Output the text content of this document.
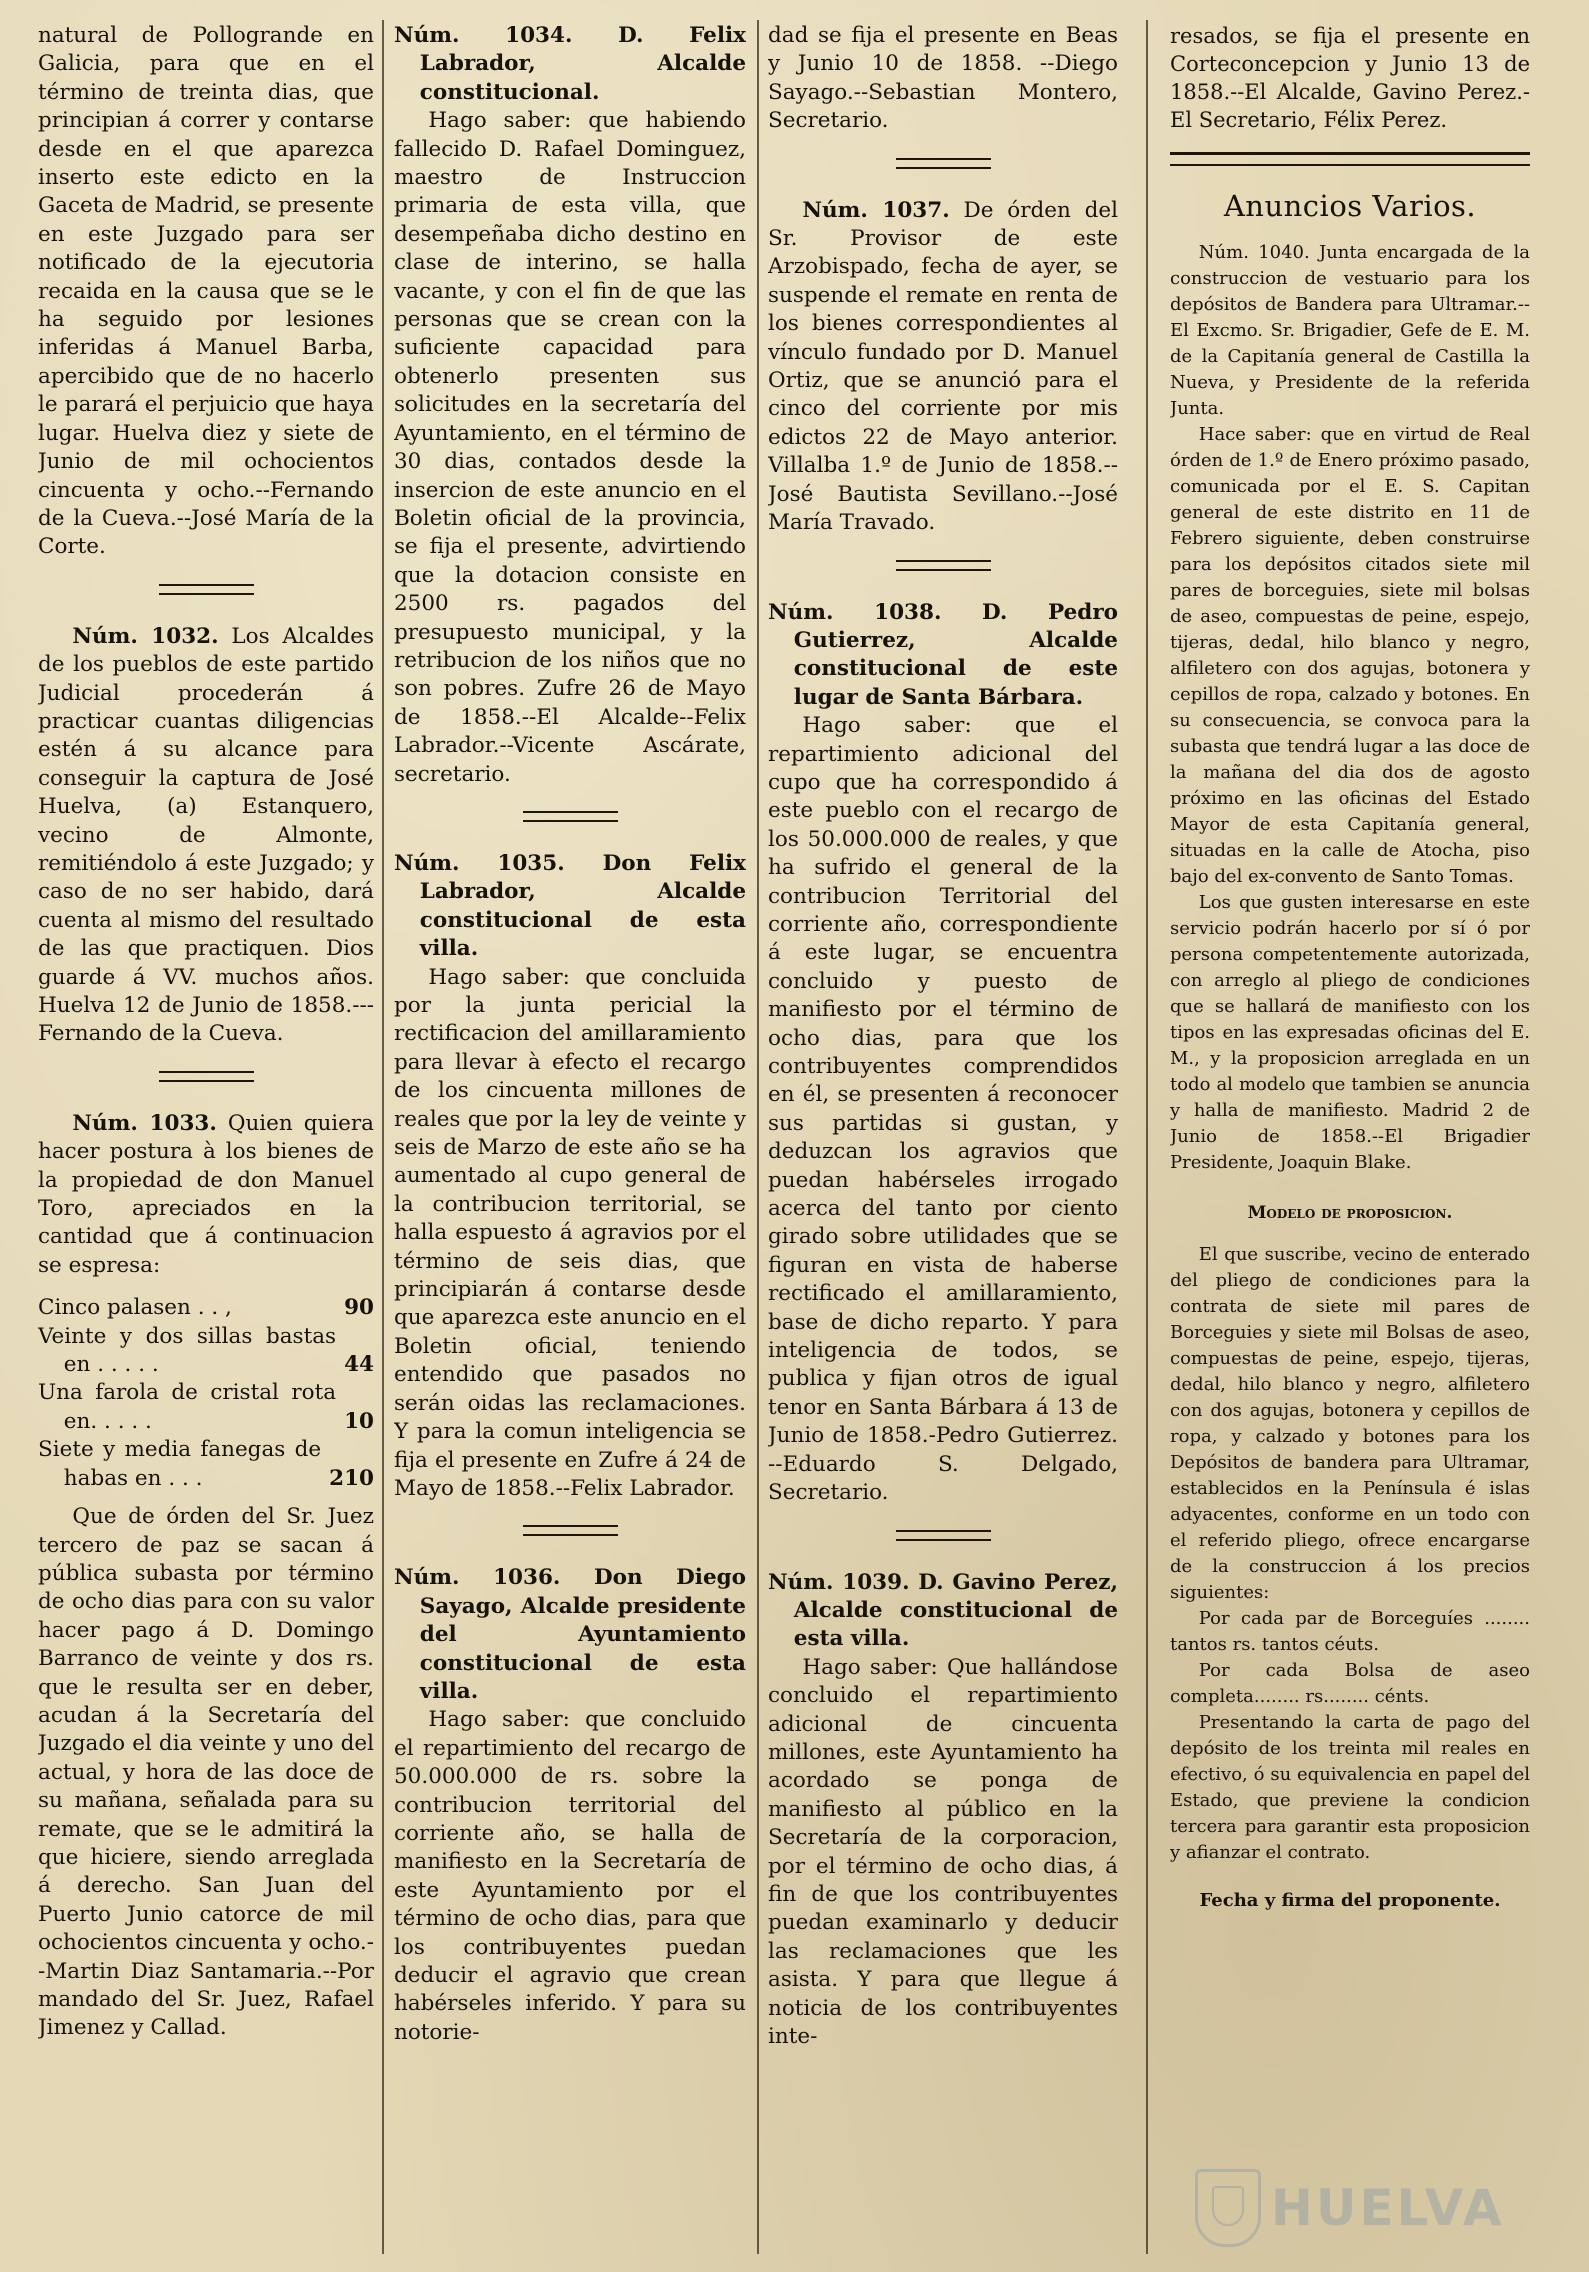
natural de Pollogrande en Galicia, para que en el término de treinta dias, que principian á correr y contarse desde en el que aparezca inserto este edicto en la Gaceta de Madrid, se presente en este Juzgado para ser notificado de la ejecutoria recaida en la causa que se le ha seguido por lesiones inferidas á Manuel Barba, apercibido que de no hacerlo le parará el perjuicio que haya lugar. Huelva diez y siete de Junio de mil ochocientos cincuenta y ocho.--Fernando de la Cueva.--José María de la Corte.

Núm. 1032. Los Alcaldes de los pueblos de este partido Judicial procederán á practicar cuantas diligencias estén á su alcance para conseguir la captura de José Huelva, (a) Estanquero, vecino de Almonte, remitiéndolo á este Juzgado; y caso de no ser habido, dará cuenta al mismo del resultado de las que practiquen. Dios guarde á VV. muchos años. Huelva 12 de Junio de 1858.---Fernando de la Cueva.

Núm. 1033. Quien quiera hacer postura à los bienes de la propiedad de don Manuel Toro, apreciados en la cantidad que á continuacion se espresa:

Cinco palasen . . ,	90
Veinte y dos sillas bastas en . . . . .	44
Una farola de cristal rota en. . . . .	10
Siete y media fanegas de habas en . . .	210

Que de órden del Sr. Juez tercero de paz se sacan á pública subasta por término de ocho dias para con su valor hacer pago á D. Domingo Barranco de veinte y dos rs. que le resulta ser en deber, acudan á la Secretaría del Juzgado el dia veinte y uno del actual, y hora de las doce de su mañana, señalada para su remate, que se le admitirá la que hiciere, siendo arreglada á derecho. San Juan del Puerto Junio catorce de mil ochocientos cincuenta y ocho.--Martin Diaz Santamaria.--Por mandado del Sr. Juez, Rafael Jimenez y Callad.

Núm. 1034. D. Felix Labrador, Alcalde constitucional.

Hago saber: que habiendo fallecido D. Rafael Dominguez, maestro de Instruccion primaria de esta villa, que desempeñaba dicho destino en clase de interino, se halla vacante, y con el fin de que las personas que se crean con la suficiente capacidad para obtenerlo presenten sus solicitudes en la secretaría del Ayuntamiento, en el término de 30 dias, contados desde la insercion de este anuncio en el Boletin oficial de la provincia, se fija el presente, advirtiendo que la dotacion consiste en 2500 rs. pagados del presupuesto municipal, y la retribucion de los niños que no son pobres. Zufre 26 de Mayo de 1858.--El Alcalde--Felix Labrador.--Vicente Ascárate, secretario.

Núm. 1035. Don Felix Labrador, Alcalde constitucional de esta villa.

Hago saber: que concluida por la junta pericial la rectificacion del amillaramiento para llevar à efecto el recargo de los cincuenta millones de reales que por la ley de veinte y seis de Marzo de este año se ha aumentado al cupo general de la contribucion territorial, se halla espuesto á agravios por el término de seis dias, que principiarán á contarse desde que aparezca este anuncio en el Boletin oficial, teniendo entendido que pasados no serán oidas las reclamaciones. Y para la comun inteligencia se fija el presente en Zufre á 24 de Mayo de 1858.--Felix Labrador.

Núm. 1036. Don Diego Sayago, Alcalde presidente del Ayuntamiento constitucional de esta villa.

Hago saber: que concluido el repartimiento del recargo de 50.000.000 de rs. sobre la contribucion territorial del corriente año, se halla de manifiesto en la Secretaría de este Ayuntamiento por el término de ocho dias, para que los contribuyentes puedan deducir el agravio que crean habérseles inferido. Y para su notorie-

dad se fija el presente en Beas y Junio 10 de 1858. --Diego Sayago.--Sebastian Montero, Secretario.

Núm. 1037. De órden del Sr. Provisor de este Arzobispado, fecha de ayer, se suspende el remate en renta de los bienes correspondientes al vínculo fundado por D. Manuel Ortiz, que se anunció para el cinco del corriente por mis edictos 22 de Mayo anterior. Villalba 1.º de Junio de 1858.--José Bautista Sevillano.--José María Travado.

Núm. 1038. D. Pedro Gutierrez, Alcalde constitucional de este lugar de Santa Bárbara.

Hago saber: que el repartimiento adicional del cupo que ha correspondido á este pueblo con el recargo de los 50.000.000 de reales, y que ha sufrido el general de la contribucion Territorial del corriente año, correspondiente á este lugar, se encuentra concluido y puesto de manifiesto por el término de ocho dias, para que los contribuyentes comprendidos en él, se presenten á reconocer sus partidas si gustan, y deduzcan los agravios que puedan habérseles irrogado acerca del tanto por ciento girado sobre utilidades que se figuran en vista de haberse rectificado el amillaramiento, base de dicho reparto. Y para inteligencia de todos, se publica y fijan otros de igual tenor en Santa Bárbara á 13 de Junio de 1858.-Pedro Gutierrez. --Eduardo S. Delgado, Secretario.

Núm. 1039. D. Gavino Perez, Alcalde constitucional de esta villa.

Hago saber: Que hallándose concluido el repartimiento adicional de cincuenta millones, este Ayuntamiento ha acordado se ponga de manifiesto al público en la Secretaría de la corporacion, por el término de ocho dias, á fin de que los contribuyentes puedan examinarlo y deducir las reclamaciones que les asista. Y para que llegue á noticia de los contribuyentes inte-

resados, se fija el presente en Corteconcepcion y Junio 13 de 1858.--El Alcalde, Gavino Perez.-El Secretario, Félix Perez.

Anuncios Varios.

Núm. 1040. Junta encargada de la construccion de vestuario para los depósitos de Bandera para Ultramar.--El Excmo. Sr. Brigadier, Gefe de E. M. de la Capitanía general de Castilla la Nueva, y Presidente de la referida Junta.

Hace saber: que en virtud de Real órden de 1.º de Enero próximo pasado, comunicada por el E. S. Capitan general de este distrito en 11 de Febrero siguiente, deben construirse para los depósitos citados siete mil pares de borceguies, siete mil bolsas de aseo, compuestas de peine, espejo, tijeras, dedal, hilo blanco y negro, alfiletero con dos agujas, botonera y cepillos de ropa, calzado y botones. En su consecuencia, se convoca para la subasta que tendrá lugar a las doce de la mañana del dia dos de agosto próximo en las oficinas del Estado Mayor de esta Capitanía general, situadas en la calle de Atocha, piso bajo del ex-convento de Santo Tomas.

Los que gusten interesarse en este servicio podrán hacerlo por sí ó por persona competentemente autorizada, con arreglo al pliego de condiciones que se hallará de manifiesto con los tipos en las expresadas oficinas del E. M., y la proposicion arreglada en un todo al modelo que tambien se anuncia y halla de manifiesto. Madrid 2 de Junio de 1858.--El Brigadier Presidente, Joaquin Blake.

Modelo de proposicion.

El que suscribe, vecino de enterado del pliego de condiciones para la contrata de siete mil pares de Borceguies y siete mil Bolsas de aseo, compuestas de peine, espejo, tijeras, dedal, hilo blanco y negro, alfiletero con dos agujas, botonera y cepillos de ropa, y calzado y botones para los Depósitos de bandera para Ultramar, establecidos en la Península é islas adyacentes, conforme en un todo con el referido pliego, ofrece encargarse de la construccion á los precios siguientes:

Por cada par de Borceguíes ........ tantos rs. tantos céuts.

Por cada Bolsa de aseo completa........ rs........ cénts.

Presentando la carta de pago del depósito de los treinta mil reales en efectivo, ó su equivalencia en papel del Estado, que previene la condicion tercera para garantir esta proposicion y afianzar el contrato.

Fecha y firma del proponente.

HUELVA
